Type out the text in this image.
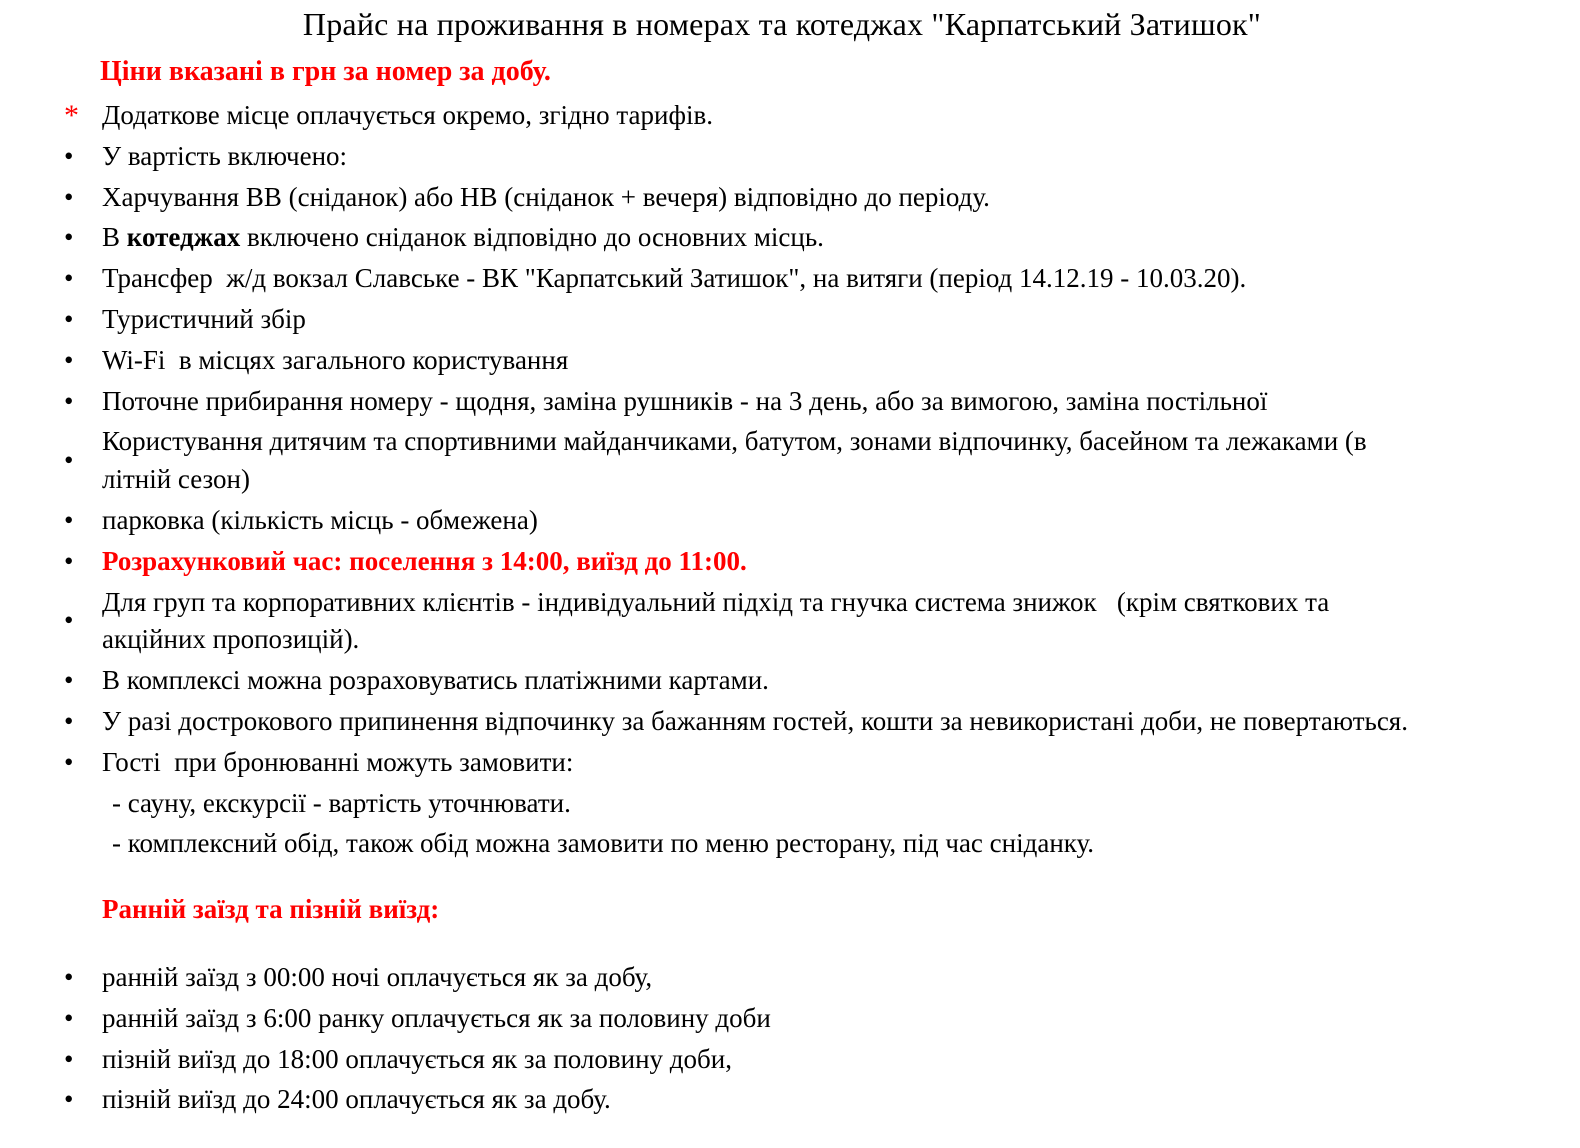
Прайс на проживання в номерах та котеджах "Карпатський Затишок"

Ціни вказані в грн за номер за добу.

* Додаткове місце оплачується окремо, згідно тарифів.
•	У вартість включено:
•	Харчування BB (сніданок) або HB (сніданок + вечеря) відповідно до періоду.
•	В котеджах включено сніданок відповідно до основних місць.
•	Трансфер  ж/д вокзал Славське - ВК "Карпатський Затишок", на витяги (період 14.12.19 - 10.03.20).
•	Туристичний збір
•	Wi-Fi  в місцях загального користування
•	Поточне прибирання номеру - щодня, заміна рушників - на 3 день, або за вимогою, заміна постільної
•
Користування дитячим та спортивними майданчиками, батутом, зонами відпочинку, басейном та лежаками (в літній сезон)
•	парковка (кількість місць - обмежена)
•	Розрахунковий час: поселення з 14:00, виїзд до 11:00.
•
Для груп та корпоративних клієнтів - індивідуальний підхід та гнучка система знижок   (крім святкових та акційних пропозицій).
•	В комплексі можна розраховуватись платіжними картами.
•	У разі дострокового припинення відпочинку за бажанням гостей, кошти за невикористані доби, не повертаються.
•	Гості  при бронюванні можуть замовити:
- сауну, екскурсії - вартість уточнювати.
- комплексний обід, також обід можна замовити по меню ресторану, під час сніданку.
Ранній заїзд та пізній виїзд:
•	ранній заїзд з 00:00 ночі оплачується як за добу,
•	ранній заїзд з 6:00 ранку оплачується як за половину доби
•	пізній виїзд до 18:00 оплачується як за половину доби,
•	пізній виїзд до 24:00 оплачується як за добу.
